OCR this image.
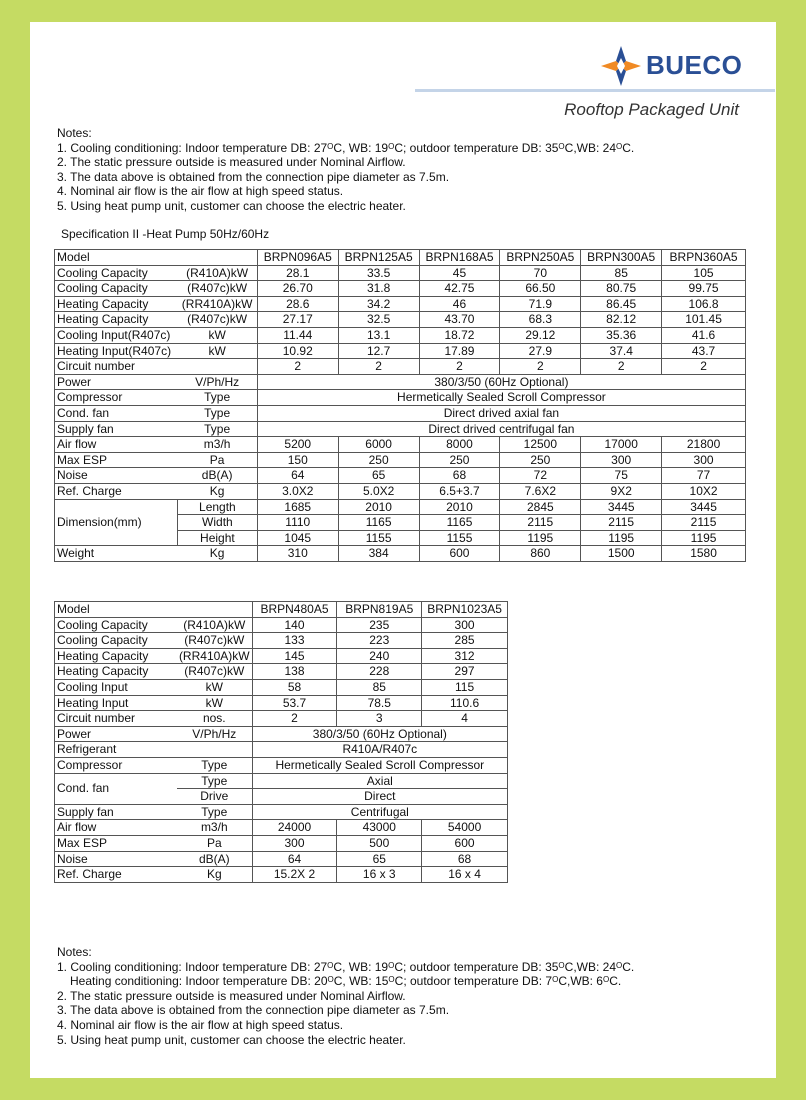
BUECO
Rooftop Packaged Unit
Notes:
1. Cooling conditioning: Indoor temperature DB: $27^OC$, WB: $19^OC$; outdoor temperature DB: $35^OC,WB$: $24^OC$.
2. The static pressure outside is measured under Nominal Airflow.
3. The data above is obtained from the connection pipe diameter as 7.5m.
4. Nominal air flow is the air flow at high speed status.
5. Using heat pump unit, customer can choose the electric heater.
Specification II -Heat Pump 50Hz/60Hz
Model		BRPN096A5	BRPN125A5	BRPN168A5	BRPN250A5	BRPN300A5	BRPN360A5
Cooling Capacity	(R410A)kW	28.1	33.5	45	70	85	105
Cooling Capacity	(R407c)kW	26.70	31.8	42.75	66.50	80.75	99.75
Heating Capacity	(RR410A)kW	28.6	34.2	46	71.9	86.45	106.8
Heating Capacity	(R407c)kW	27.17	32.5	43.70	68.3	82.12	101.45
Cooling Input(R407c)	kW	11.44	13.1	18.72	29.12	35.36	41.6
Heating Input(R407c)	kW	10.92	12.7	17.89	27.9	37.4	43.7
Circuit number		2	2	2	2	2	2
Power	V/Ph/Hz	380/3/50 (60Hz Optional)					
Compressor	Type	Hermetically Sealed Scroll Compressor					
Cond. fan	Type	Direct drived axial fan					
Supply fan	Type	Direct drived centrifugal fan					
Air flow	m3/h	5200	6000	8000	12500	17000	21800
Max ESP	Pa	150	250	250	250	300	300
Noise	dB(A)	64	65	68	72	75	77
Ref. Charge	Kg	3.0X2	5.0X2	6.5+3.7	7.6X2	9X2	10X2
Dimension(mm)	Length	1685	2010	2010	2845	3445	3445
	Width	1110	1165	1165	2115	2115	2115
	Height	1045	1155	1155	1195	1195	1195
Weight	Kg	310	384	600	860	1500	1580
Model		BRPN480A5	BRPN819A5	BRPN1023A5
Cooling Capacity	(R410A)kW	140	235	300
Cooling Capacity	(R407c)kW	133	223	285
Heating Capacity	(RR410A)kW	145	240	312
Heating Capacity	(R407c)kW	138	228	297
Cooling Input	kW	58	85	115
Heating Input	kW	53.7	78.5	110.6
Circuit number	nos.	2	3	4
Power	V/Ph/Hz	380/3/50 (60Hz Optional)		
Refrigerant		R410A/R407c		
Compressor	Type	Hermetically Sealed Scroll Compressor		
Cond. fan	Type	Axial		
	Drive	Direct		
Supply fan	Type	Centrifugal		
Air flow	m3/h	24000	43000	54000
Max ESP	Pa	300	500	600
Noise	dB(A)	64	65	68
Ref. Charge	Kg	15.2X 2	16 x 3	16 x 4
Notes:
1. Cooling conditioning: Indoor temperature DB: $27^OC$, WB: $19^OC$; outdoor temperature DB: $35^OC,WB$: $24^OC$.
Heating conditioning: Indoor temperature DB: $20^OC$, WB: $15^OC$; outdoor temperature DB: $7^OC,WB$: $6^OC$.
2. The static pressure outside is measured under Nominal Airflow.
3. The data above is obtained from the connection pipe diameter as 7.5m.
4. Nominal air flow is the air flow at high speed status.
5. Using heat pump unit, customer can choose the electric heater.
